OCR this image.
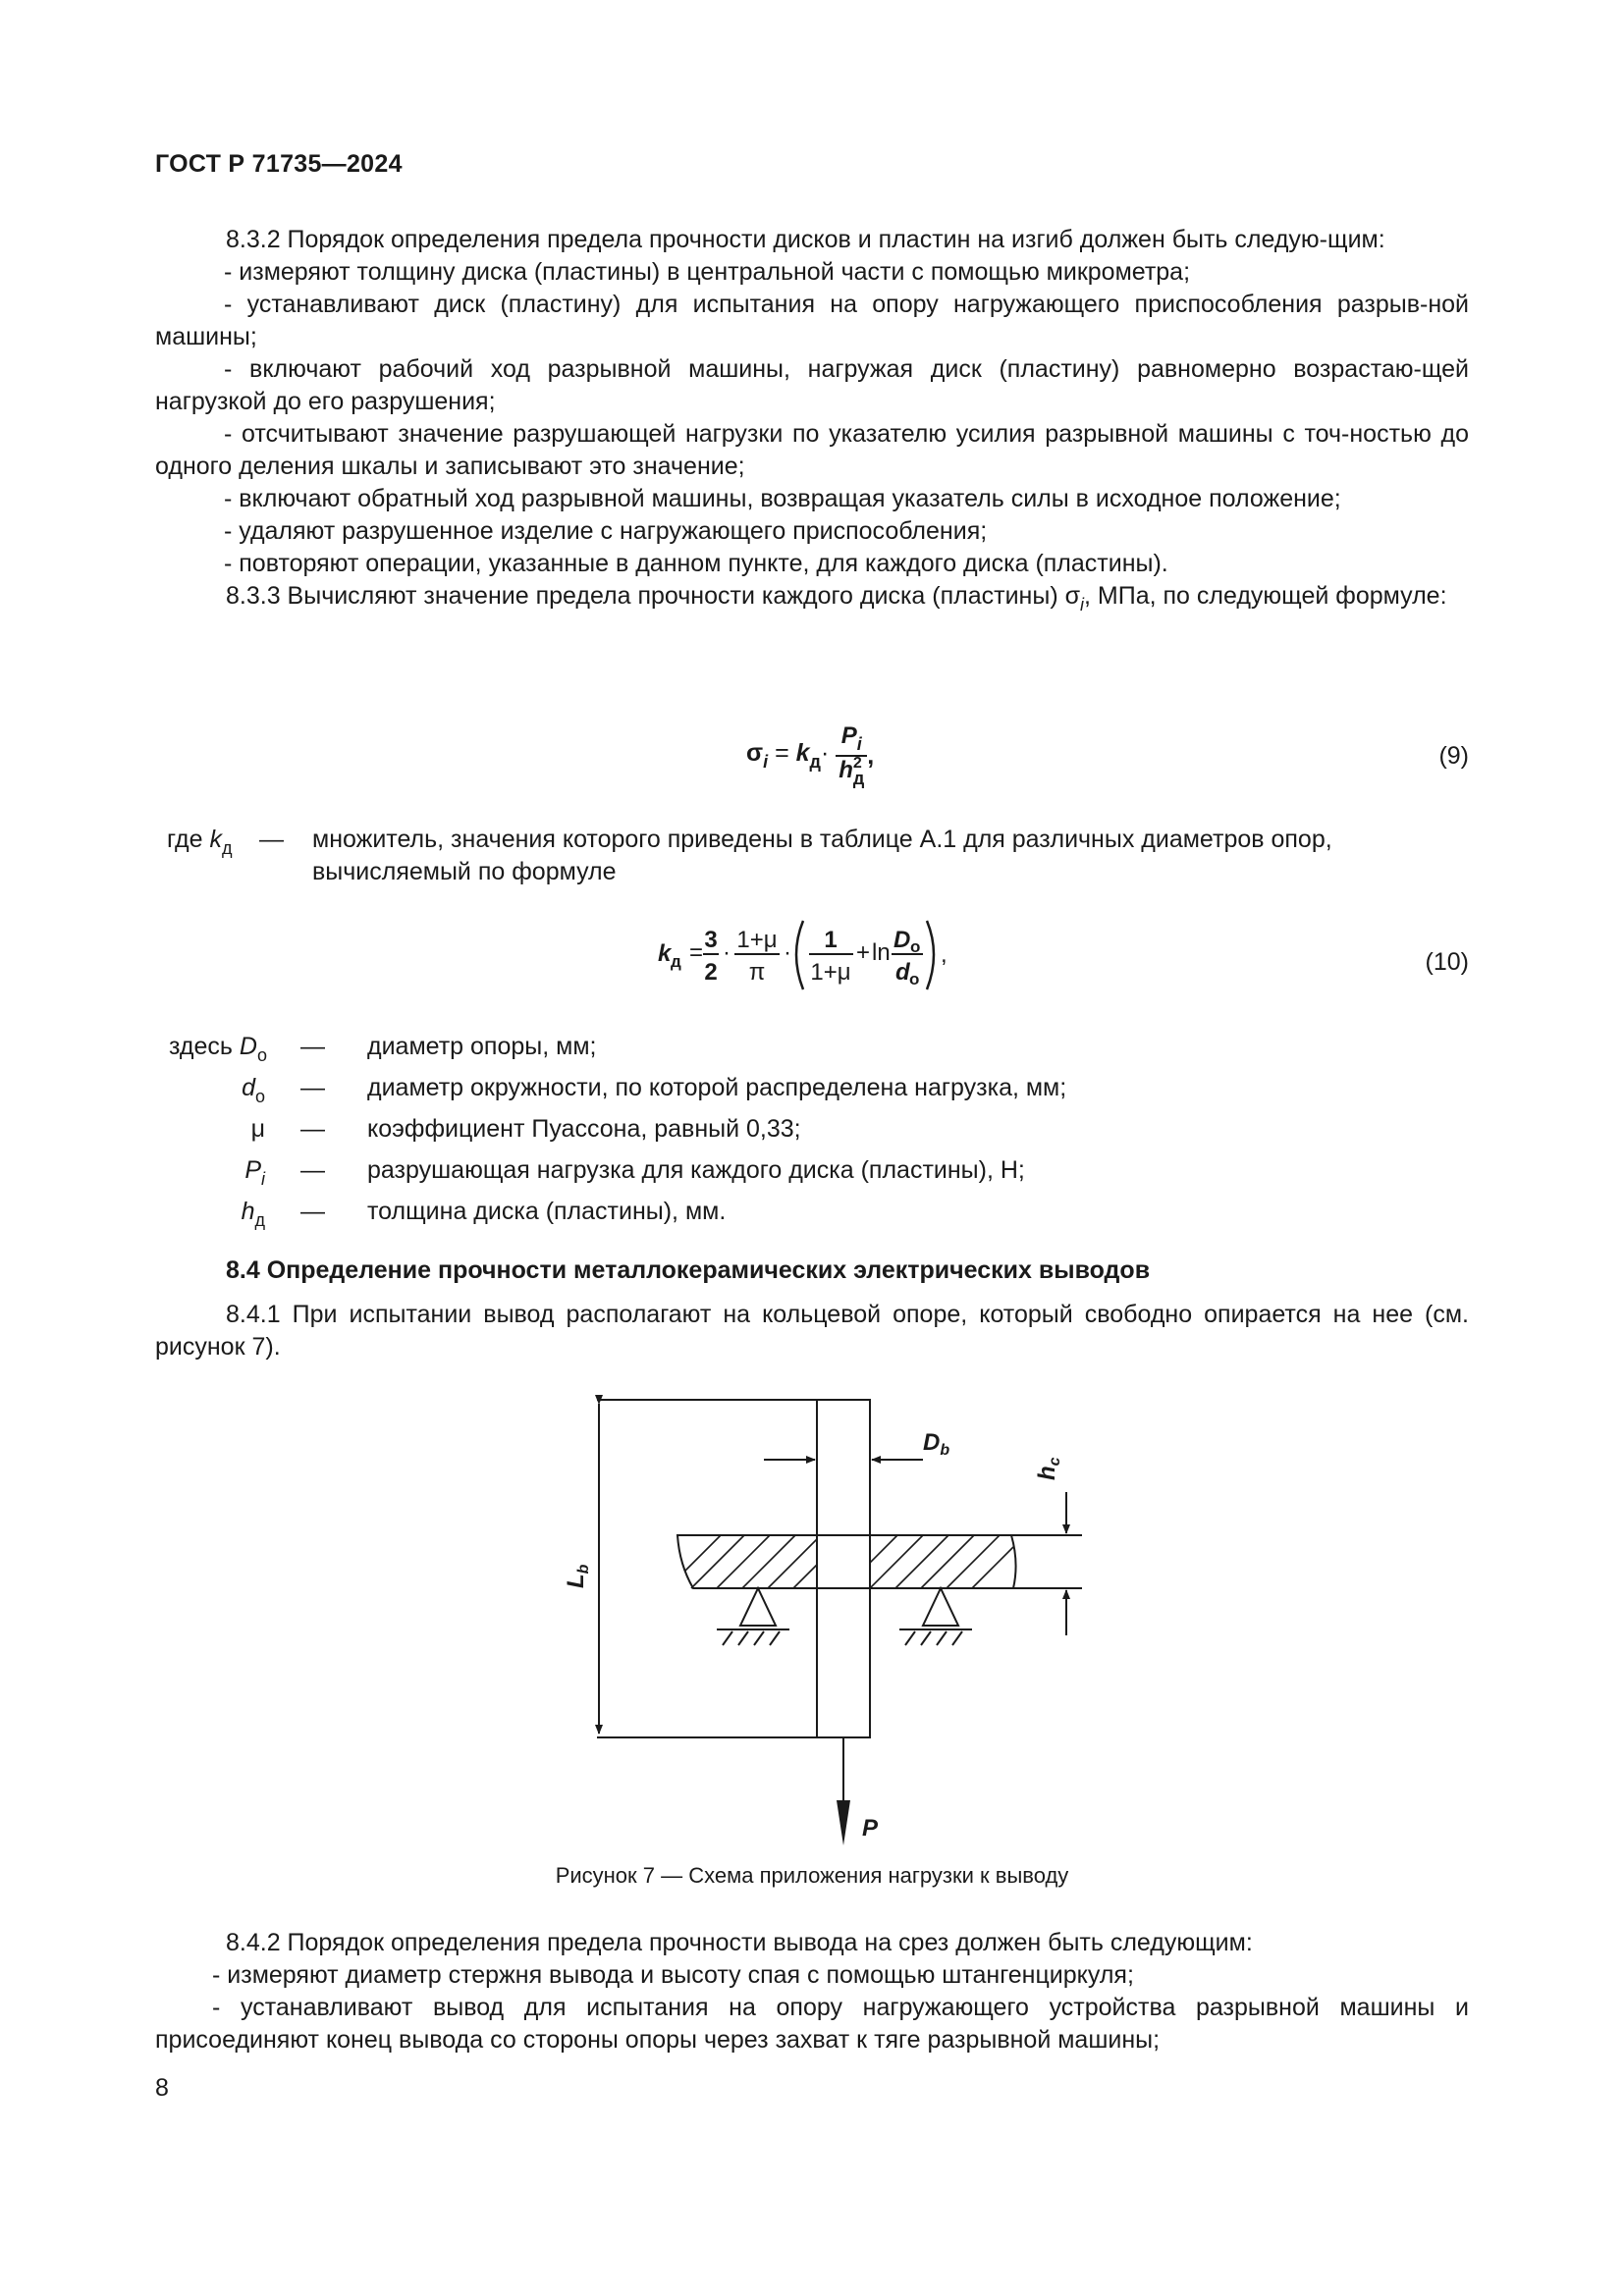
ГОСТ Р 71735—2024

8.3.2 Порядок определения предела прочности дисков и пластин на изгиб должен быть следую-щим:

- измеряют толщину диска (пластины) в центральной части с помощью микрометра;

- устанавливают диск (пластину) для испытания на опору нагружающего приспособления разрыв-ной машины;

- включают рабочий ход разрывной машины, нагружая диск (пластину) равномерно возрастаю-щей нагрузкой до его разрушения;

- отсчитывают значение разрушающей нагрузки по указателю усилия разрывной машины с точ-ностью до одного деления шкалы и записывают это значение;

- включают обратный ход разрывной машины, возвращая указатель силы в исходное положение;

- удаляют разрушенное изделие с нагружающего приспособления;

- повторяют операции, указанные в данном пункте, для каждого диска (пластины).

8.3.3 Вычисляют значение предела прочности каждого диска (пластины) $\sigma_i$, МПа, по следующей формуле:

$\sigma_i = k_д\cdot$
$P_i$
$h^2_д$
,	(9)
где $k_д$ — множитель, значения которого приведены в таблице А.1 для различных диаметров опор, вычисляемый по формуле
k д = 3
2
· 1+μ
π
· 1
1+μ
+ ln D o
d o
,	(10)
здесь $D_o$ — диаметр опоры, мм;
$d_o$ — диаметр окружности, по которой распределена нагрузка, мм;
μ — коэффициент Пуассона, равный 0,33;
$P_i$ — разрушающая нагрузка для каждого диска (пластины), Н;
$h_д$ — толщина диска (пластины), мм.

8.4 Определение прочности металлокерамических электрических выводов

8.4.1 При испытании вывод располагают на кольцевой опоре, который свободно опирается на нее (см. рисунок 7).

$D_b$
P
$h_c$
$L_b$
Рисунок 7 — Схема приложения нагрузки к выводу

8.4.2 Порядок определения предела прочности вывода на срез должен быть следующим:

- измеряют диаметр стержня вывода и высоту спая с помощью штангенциркуля;

- устанавливают вывод для испытания на опору нагружающего устройства разрывной машины и присоединяют конец вывода со стороны опоры через захват к тяге разрывной машины;

8
